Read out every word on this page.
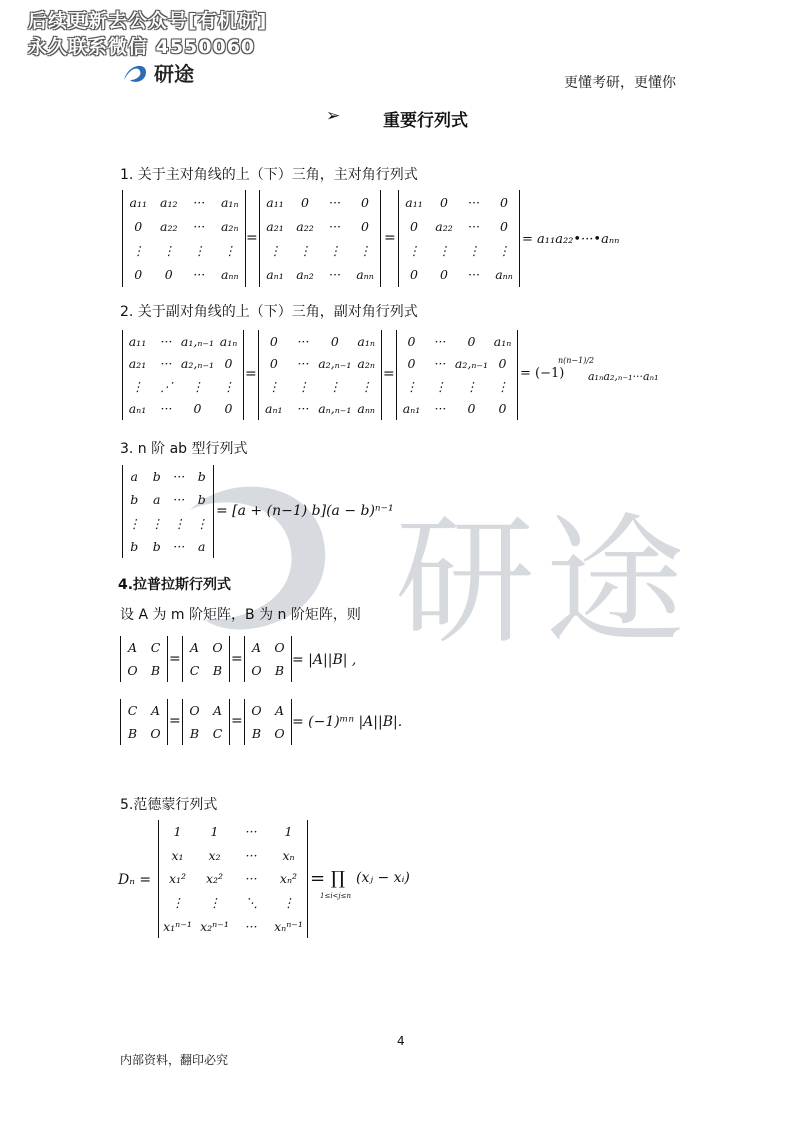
后续更新去公众号[有机研]
永久联系微信 4550060
研途
研途	更懂考研，更懂你
➢	重要行列式
1. 关于主对角线的上（下）三角，主对角行列式
a₁₁	a₁₂	···	a₁ₙ
0	a₂₂	···	a₂ₙ
⋮	⋮	⋮	⋮
0	0	···	aₙₙ
=
a₁₁	0	···	0
a₂₁	a₂₂	···	0
⋮	⋮	⋮	⋮
aₙ₁ aₙ₂	···	aₙₙ
=
a₁₁	0	···	0
0	a₂₂	···	0
⋮	⋮	⋮	⋮
0	0	···	aₙₙ
= a₁₁a₂₂•···•aₙₙ
2. 关于副对角线的上（下）三角，副对角行列式
a₁₁	··· a₁,ₙ₋₁ a₁ₙ
a₂₁	··· a₂,ₙ₋₁ 0
⋮	⋰	⋮	⋮
aₙ₁	···	0	0
=
0	···	0	a₁ₙ
0	··· a₂,ₙ₋₁ a₂ₙ
⋮	⋮	⋮	⋮
aₙ₁	··· aₙ,ₙ₋₁ aₙₙ
=
0	···	0	a₁ₙ
0	··· a₂,ₙ₋₁ 0
⋮	⋮	⋮	⋮
aₙ₁	···	0	0
= (−1)
n(n−1)/2
a₁ₙa₂,ₙ₋₁···aₙ₁
3. n 阶 ab 型行列式
a	b	···	b
b	a	···	b
⋮ ⋮ ⋮ ⋮
b	b	···	a
= [a + (n−1) b](a − b)ⁿ⁻¹
4.拉普拉斯行列式
设 A 为 m 阶矩阵，B 为 n 阶矩阵，则
A	C
O	B
=
A	O
C	B
=
A	O
O	B
= |A||B| ,
C	A
B	O
=
O	A
B	C
=
O	A
B	O
= (−1)ᵐⁿ |A||B|.
5.范德蒙行列式
Dₙ =
1	1	···	1
x₁	x₂	···	xₙ
x₁²	x₂²	···	xₙ²
⋮	⋮	⋱	⋮
x₁ⁿ⁻¹ x₂ⁿ⁻¹	···	xₙⁿ⁻¹
= ∏
1≤i<j≤n
(xⱼ − xᵢ)
4
内部资料，翻印必究
